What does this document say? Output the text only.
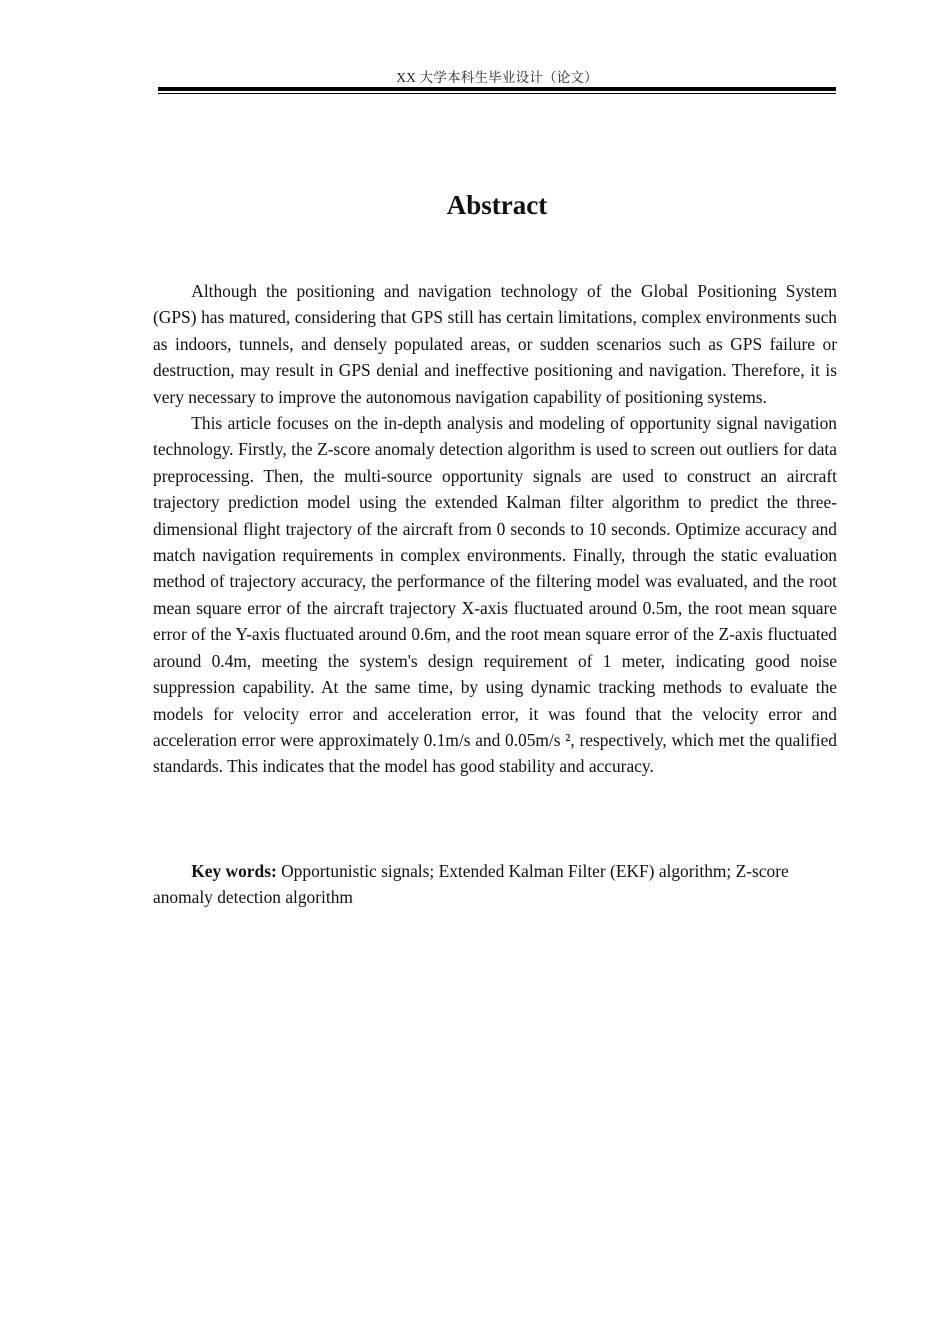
XX 大学本科生毕业设计（论文）
Abstract

Although the positioning and navigation technology of the Global Positioning System (GPS) has matured, considering that GPS still has certain limitations, complex environments such as indoors, tunnels, and densely populated areas, or sudden scenarios such as GPS failure or destruction, may result in GPS denial and ineffective positioning and navigation. Therefore, it is very necessary to improve the autonomous navigation capability of positioning systems.

This article focuses on the in-depth analysis and modeling of opportunity signal navigation technology. Firstly, the Z-score anomaly detection algorithm is used to screen out outliers for data preprocessing. Then, the multi-source opportunity signals are used to construct an aircraft trajectory prediction model using the extended Kalman filter algorithm to predict the three-dimensional flight trajectory of the aircraft from 0 seconds to 10 seconds. Optimize accuracy and match navigation requirements in complex environments. Finally, through the static evaluation method of trajectory accuracy, the performance of the filtering model was evaluated, and the root mean square error of the aircraft trajectory X-axis fluctuated around 0.5m, the root mean square error of the Y-axis fluctuated around 0.6m, and the root mean square error of the Z-axis fluctuated around 0.4m, meeting the system's design requirement of 1 meter, indicating good noise suppression capability. At the same time, by using dynamic tracking methods to evaluate the models for velocity error and acceleration error, it was found that the velocity error and acceleration error were approximately 0.1m/s and 0.05m/s ², respectively, which met the qualified standards. This indicates that the model has good stability and accuracy.

Key words: Opportunistic signals; Extended Kalman Filter (EKF) algorithm; Z-score anomaly detection algorithm
